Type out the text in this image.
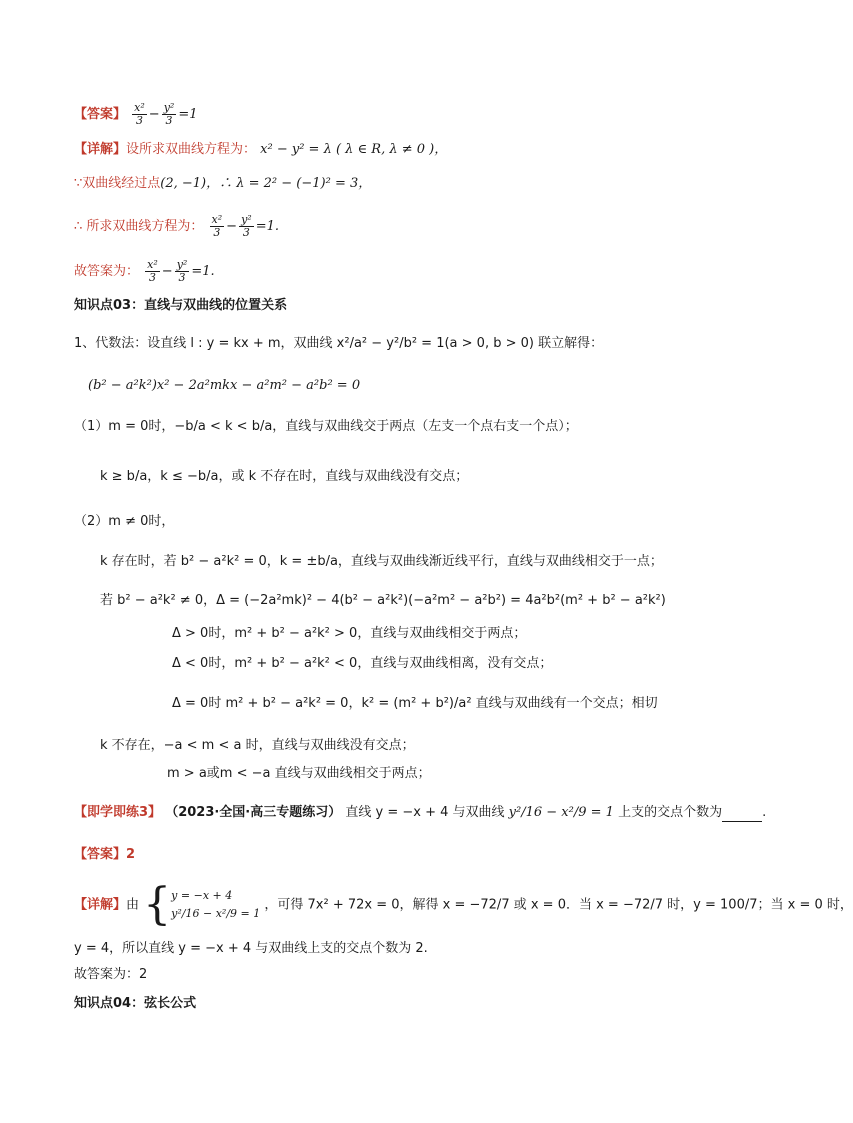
【答案】 $\frac{\text{x²}}{3} - \frac{\text{y²}}{3} =1$
【详解】设所求双曲线方程为： x² − y² = λ ( λ ∈ R, λ ≠ 0 )，
∵双曲线经过点(2, −1)，∴ λ = 2² − (−1)² = 3，
∴ 所求双曲线方程为： $\frac{\text{x²}}{3} - \frac{\text{y²}}{3} =1$.
故答案为： $\frac{\text{x²}}{3} - \frac{\text{y²}}{3} =1$.
知识点03：直线与双曲线的位置关系
1、代数法：设直线 l : y = kx + m，双曲线 x²/a² − y²/b² = 1(a > 0, b > 0) 联立解得：
(b² − a²k²)x² − 2a²mkx − a²m² − a²b² = 0
（1）m = 0时，−b/a < k < b/a，直线与双曲线交于两点（左支一个点右支一个点）；
k ≥ b/a，k ≤ −b/a，或 k 不存在时，直线与双曲线没有交点；
（2）m ≠ 0时，
k 存在时，若 b² − a²k² = 0，k = ±b/a，直线与双曲线渐近线平行，直线与双曲线相交于一点；
若 b² − a²k² ≠ 0，Δ = (−2a²mk)² − 4(b² − a²k²)(−a²m² − a²b²) = 4a²b²(m² + b² − a²k²)
Δ > 0时，m² + b² − a²k² > 0，直线与双曲线相交于两点；
Δ < 0时，m² + b² − a²k² < 0，直线与双曲线相离，没有交点；
Δ = 0时 m² + b² − a²k² = 0，k² = (m² + b²)/a² 直线与双曲线有一个交点；相切
k 不存在，−a < m < a 时，直线与双曲线没有交点；
m > a或m < −a 直线与双曲线相交于两点；
【即学即练3】 （2023·全国·高三专题练习） 直线 y = −x + 4 与双曲线 y²/16 − x²/9 = 1 上支的交点个数为	.
【答案】2
【详解】由 { y = −x + 4
y²/16 − x²/9 = 1
，可得 7x² + 72x = 0，解得 x = −72/7 或 x = 0．当 x = −72/7 时，y = 100/7；当 x = 0 时，
y = 4，所以直线 y = −x + 4 与双曲线上支的交点个数为 2.
故答案为：2
知识点04：弦长公式
